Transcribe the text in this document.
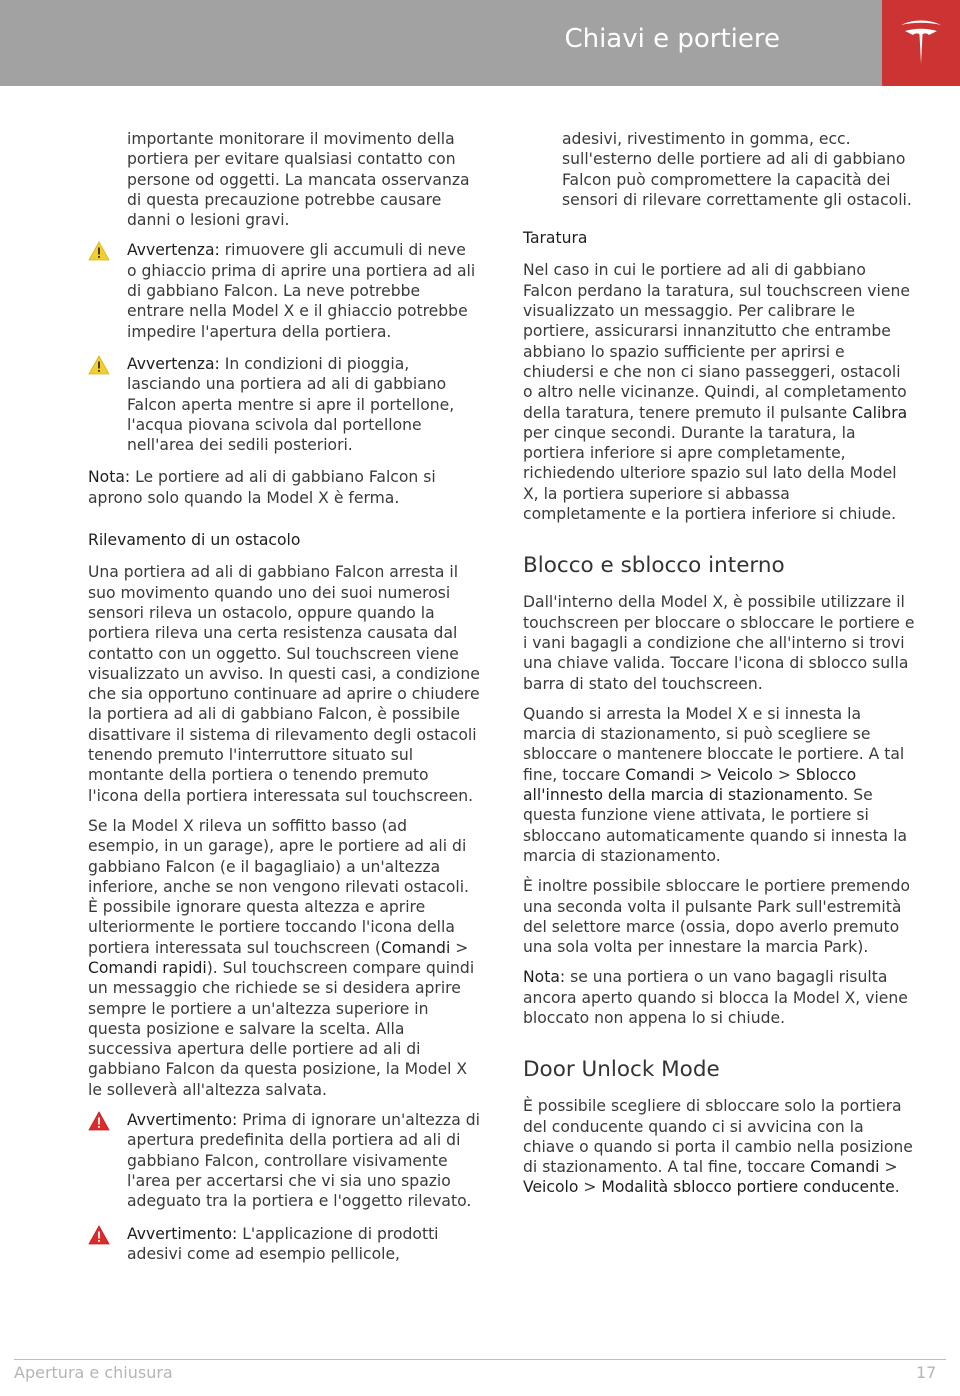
Chiavi e portiere

importante monitorare il movimento della portiera per evitare qualsiasi contatto con persone od oggetti. La mancata osservanza di questa precauzione potrebbe causare danni o lesioni gravi.

Avvertenza: rimuovere gli accumuli di neve o ghiaccio prima di aprire una portiera ad ali di gabbiano Falcon. La neve potrebbe entrare nella Model X e il ghiaccio potrebbe impedire l'apertura della portiera.

Avvertenza: In condizioni di pioggia, lasciando una portiera ad ali di gabbiano Falcon aperta mentre si apre il portellone, l'acqua piovana scivola dal portellone nell'area dei sedili posteriori.

Nota: Le portiere ad ali di gabbiano Falcon si aprono solo quando la Model X è ferma.

Rilevamento di un ostacolo

Una portiera ad ali di gabbiano Falcon arresta il suo movimento quando uno dei suoi numerosi sensori rileva un ostacolo, oppure quando la portiera rileva una certa resistenza causata dal contatto con un oggetto. Sul touchscreen viene visualizzato un avviso. In questi casi, a condizione che sia opportuno continuare ad aprire o chiudere la portiera ad ali di gabbiano Falcon, è possibile disattivare il sistema di rilevamento degli ostacoli tenendo premuto l'interruttore situato sul montante della portiera o tenendo premuto l'icona della portiera interessata sul touchscreen.

Se la Model X rileva un soffitto basso (ad esempio, in un garage), apre le portiere ad ali di gabbiano Falcon (e il bagagliaio) a un'altezza inferiore, anche se non vengono rilevati ostacoli. È possibile ignorare questa altezza e aprire ulteriormente le portiere toccando l'icona della portiera interessata sul touchscreen (Comandi > Comandi rapidi). Sul touchscreen compare quindi un messaggio che richiede se si desidera aprire sempre le portiere a un'altezza superiore in questa posizione e salvare la scelta. Alla successiva apertura delle portiere ad ali di gabbiano Falcon da questa posizione, la Model X le solleverà all'altezza salvata.

Avvertimento: Prima di ignorare un'altezza di apertura predefinita della portiera ad ali di gabbiano Falcon, controllare visivamente l'area per accertarsi che vi sia uno spazio adeguato tra la portiera e l'oggetto rilevato.

Avvertimento: L'applicazione di prodotti adesivi come ad esempio pellicole,

adesivi, rivestimento in gomma, ecc. sull'esterno delle portiere ad ali di gabbiano Falcon può compromettere la capacità dei sensori di rilevare correttamente gli ostacoli.

Taratura

Nel caso in cui le portiere ad ali di gabbiano Falcon perdano la taratura, sul touchscreen viene visualizzato un messaggio. Per calibrare le portiere, assicurarsi innanzitutto che entrambe abbiano lo spazio sufficiente per aprirsi e chiudersi e che non ci siano passeggeri, ostacoli o altro nelle vicinanze. Quindi, al completamento della taratura, tenere premuto il pulsante Calibra per cinque secondi. Durante la taratura, la portiera inferiore si apre completamente, richiedendo ulteriore spazio sul lato della Model X, la portiera superiore si abbassa completamente e la portiera inferiore si chiude.

Blocco e sblocco interno

Dall'interno della Model X, è possibile utilizzare il touchscreen per bloccare o sbloccare le portiere e i vani bagagli a condizione che all'interno si trovi una chiave valida. Toccare l'icona di sblocco sulla barra di stato del touchscreen.

Quando si arresta la Model X e si innesta la marcia di stazionamento, si può scegliere se sbloccare o mantenere bloccate le portiere. A tal fine, toccare Comandi > Veicolo > Sblocco all'innesto della marcia di stazionamento. Se questa funzione viene attivata, le portiere si sbloccano automaticamente quando si innesta la marcia di stazionamento.

È inoltre possibile sbloccare le portiere premendo una seconda volta il pulsante Park sull'estremità del selettore marce (ossia, dopo averlo premuto una sola volta per innestare la marcia Park).

Nota: se una portiera o un vano bagagli risulta ancora aperto quando si blocca la Model X, viene bloccato non appena lo si chiude.

Door Unlock Mode

È possibile scegliere di sbloccare solo la portiera del conducente quando ci si avvicina con la chiave o quando si porta il cambio nella posizione di stazionamento. A tal fine, toccare Comandi > Veicolo > Modalità sblocco portiere conducente.

Apertura e chiusura	17
